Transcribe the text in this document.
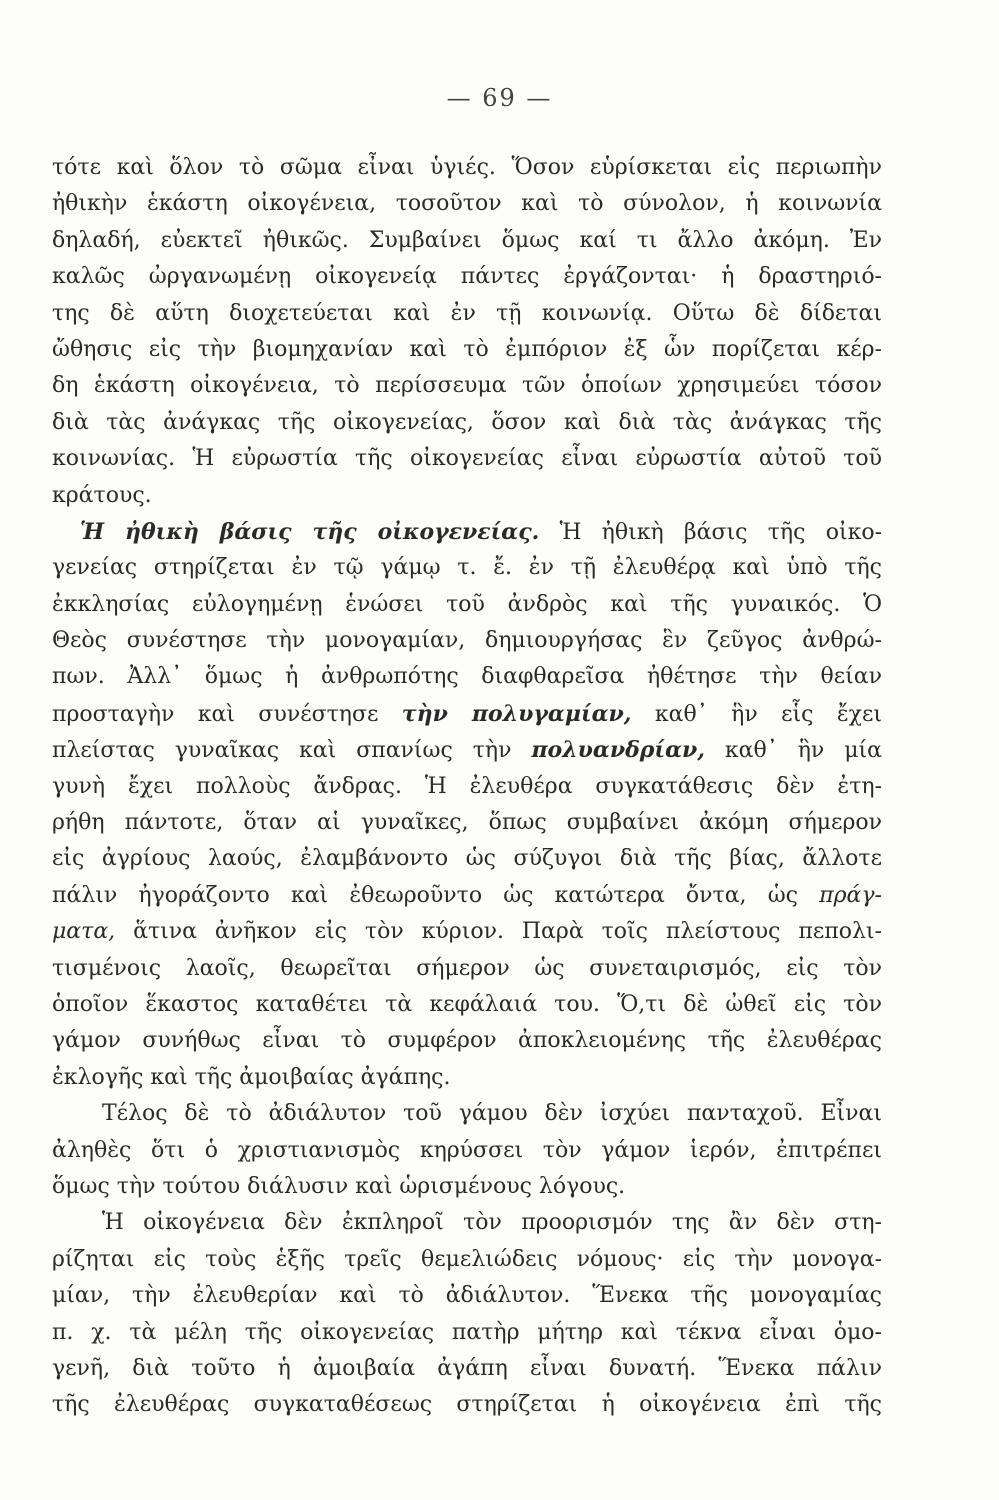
— 69 —
τότε καὶ ὅλον τὸ σῶμα εἶναι ὑγιές. Ὅσον εὑρίσκεται εἰς περιωπὴν
ἠθικὴν ἑκάστη οἰκογένεια, τοσοῦτον καὶ τὸ σύνολον, ἡ κοινωνία
δηλαδή, εὐεκτεῖ ἠθικῶς. Συμβαίνει ὅμως καί τι ἄλλο ἀκόμη. Ἐν
καλῶς ὠργανωμένῃ οἰκογενείᾳ πάντες ἐργάζονται· ἡ δραστηριό-
της δὲ αὕτη διοχετεύεται καὶ ἐν τῇ κοινωνίᾳ. Οὕτω δὲ δίδεται
ὤθησις εἰς τὴν βιομηχανίαν καὶ τὸ ἐμπόριον ἐξ ὧν πορίζεται κέρ-
δη ἑκάστη οἰκογένεια, τὸ περίσσευμα τῶν ὁποίων χρησιμεύει τόσον
διὰ τὰς ἀνάγκας τῆς οἰκογενείας, ὅσον καὶ διὰ τὰς ἀνάγκας τῆς
κοινωνίας. Ἡ εὐρωστία τῆς οἰκογενείας εἶναι εὐρωστία αὐτοῦ τοῦ
κράτους.
Ἡ ἠθικὴ βάσις τῆς οἰκογενείας. Ἡ ἠθικὴ βάσις τῆς οἰκο-
γενείας στηρίζεται ἐν τῷ γάμῳ τ. ἔ. ἐν τῇ ἐλευθέρᾳ καὶ ὑπὸ τῆς
ἐκκλησίας εὐλογημένῃ ἑνώσει τοῦ ἀνδρὸς καὶ τῆς γυναικός. Ὁ
Θεὸς συνέστησε τὴν μονογαμίαν, δημιουργήσας ἓν ζεῦγος ἀνθρώ-
πων. Ἀλλ᾽ ὅμως ἡ ἀνθρωπότης διαφθαρεῖσα ἠθέτησε τὴν θείαν
προσταγὴν καὶ συνέστησε τὴν πολυγαμίαν, καθ᾽ ἣν εἷς ἔχει
πλείστας γυναῖκας καὶ σπανίως τὴν πολυανδρίαν, καθ᾽ ἣν μία
γυνὴ ἔχει πολλοὺς ἄνδρας. Ἡ ἐλευθέρα συγκατάθεσις δὲν ἐτη-
ρήθη πάντοτε, ὅταν αἱ γυναῖκες, ὅπως συμβαίνει ἀκόμη σήμερον
εἰς ἀγρίους λαούς, ἐλαμβάνοντο ὡς σύζυγοι διὰ τῆς βίας, ἄλλοτε
πάλιν ἠγοράζοντο καὶ ἐθεωροῦντο ὡς κατώτερα ὄντα, ὡς πράγ-
ματα, ἅτινα ἀνῆκον εἰς τὸν κύριον. Παρὰ τοῖς πλείστους πεπολι-
τισμένοις λαοῖς, θεωρεῖται σήμερον ὡς συνεταιρισμός, εἰς τὸν
ὁποῖον ἕκαστος καταθέτει τὰ κεφάλαιά του. Ὅ,τι δὲ ὠθεῖ εἰς τὸν
γάμον συνήθως εἶναι τὸ συμφέρον ἀποκλειομένης τῆς ἐλευθέρας
ἐκλογῆς καὶ τῆς ἀμοιβαίας ἀγάπης.
Τέλος δὲ τὸ ἀδιάλυτον τοῦ γάμου δὲν ἰσχύει πανταχοῦ. Εἶναι
ἀληθὲς ὅτι ὁ χριστιανισμὸς κηρύσσει τὸν γάμον ἱερόν, ἐπιτρέπει
ὅμως τὴν τούτου διάλυσιν καὶ ὡρισμένους λόγους.
Ἡ οἰκογένεια δὲν ἐκπληροῖ τὸν προορισμόν της ἂν δὲν στη-
ρίζηται εἰς τοὺς ἑξῆς τρεῖς θεμελιώδεις νόμους· εἰς τὴν μονογα-
μίαν, τὴν ἐλευθερίαν καὶ τὸ ἀδιάλυτον. Ἕνεκα τῆς μονογαμίας
π. χ. τὰ μέλη τῆς οἰκογενείας πατὴρ μήτηρ καὶ τέκνα εἶναι ὁμο-
γενῆ, διὰ τοῦτο ἡ ἀμοιβαία ἀγάπη εἶναι δυνατή. Ἕνεκα πάλιν
τῆς ἐλευθέρας συγκαταθέσεως στηρίζεται ἡ οἰκογένεια ἐπὶ τῆς
